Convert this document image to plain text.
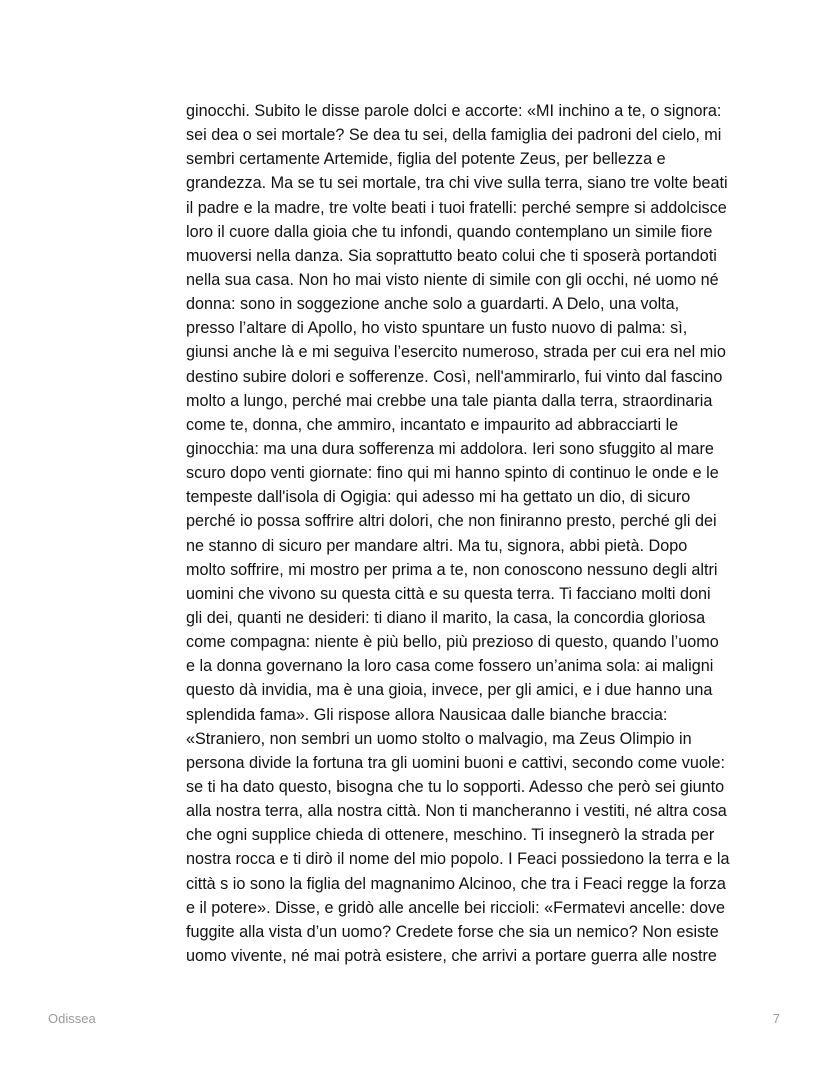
ginocchi. Subito le disse parole dolci e accorte: «MI inchino a te, o signora:
sei dea o sei mortale? Se dea tu sei, della famiglia dei padroni del cielo, mi
sembri certamente Artemide, figlia del potente Zeus, per bellezza e
grandezza. Ma se tu sei mortale, tra chi vive sulla terra, siano tre volte beati
il padre e la madre, tre volte beati i tuoi fratelli: perché sempre si addolcisce
loro il cuore dalla gioia che tu infondi, quando contemplano un simile fiore
muoversi nella danza. Sia soprattutto beato colui che ti sposerà portandoti
nella sua casa. Non ho mai visto niente di simile con gli occhi, né uomo né
donna: sono in soggezione anche solo a guardarti. A Delo, una volta,
presso l’altare di Apollo, ho visto spuntare un fusto nuovo di palma: sì,
giunsi anche là e mi seguiva l’esercito numeroso, strada per cui era nel mio
destino subire dolori e sofferenze. Così, nell'ammirarlo, fui vinto dal fascino
molto a lungo, perché mai crebbe una tale pianta dalla terra, straordinaria
come te, donna, che ammiro, incantato e impaurito ad abbracciarti le
ginocchia: ma una dura sofferenza mi addolora. Ieri sono sfuggito al mare
scuro dopo venti giornate: fino qui mi hanno spinto di continuo le onde e le
tempeste dall'isola di Ogigia: qui adesso mi ha gettato un dio, di sicuro
perché io possa soffrire altri dolori, che non finiranno presto, perché gli dei
ne stanno di sicuro per mandare altri. Ma tu, signora, abbi pietà. Dopo
molto soffrire, mi mostro per prima a te, non conoscono nessuno degli altri
uomini che vivono su questa città e su questa terra. Ti facciano molti doni
gli dei, quanti ne desideri: ti diano il marito, la casa, la concordia gloriosa
come compagna: niente è più bello, più prezioso di questo, quando l’uomo
e la donna governano la loro casa come fossero un’anima sola: ai maligni
questo dà invidia, ma è una gioia, invece, per gli amici, e i due hanno una
splendida fama». Gli rispose allora Nausicaa dalle bianche braccia:
«Straniero, non sembri un uomo stolto o malvagio, ma Zeus Olimpio in
persona divide la fortuna tra gli uomini buoni e cattivi, secondo come vuole:
se ti ha dato questo, bisogna che tu lo sopporti. Adesso che però sei giunto
alla nostra terra, alla nostra città. Non ti mancheranno i vestiti, né altra cosa
che ogni supplice chieda di ottenere, meschino. Ti insegnerò la strada per
nostra rocca e ti dirò il nome del mio popolo. I Feaci possiedono la terra e la
città s io sono la figlia del magnanimo Alcinoo, che tra i Feaci regge la forza
e il potere». Disse, e gridò alle ancelle bei riccioli: «Fermatevi ancelle: dove
fuggite alla vista d’un uomo? Credete forse che sia un nemico? Non esiste
uomo vivente, né mai potrà esistere, che arrivi a portare guerra alle nostre
Odissea	7
